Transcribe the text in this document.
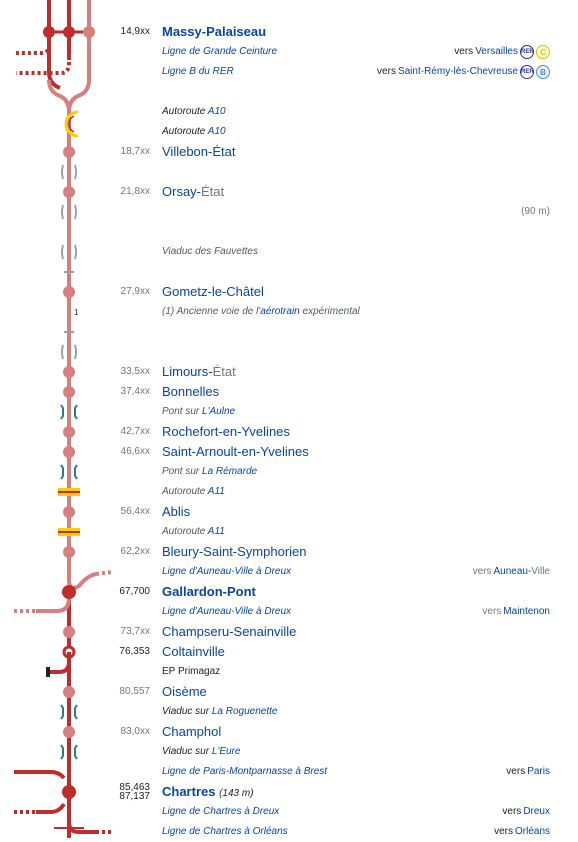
1
14,9xx Massy-Palaiseau
Ligne de Grande Ceinture	vers Versailles RER C
Ligne B du RER	vers Saint-Rémy-lès-Chevreuse RER B
Autoroute A10
Autoroute A10
18,7xx Villebon-État
21,8xx Orsay-État
(90 m)
Viaduc des Fauvettes
27,9xx Gometz-le-Châtel
(1) Ancienne voie de l'aérotrain expérimental
33,5xx Limours-État
37,4xx Bonnelles
Pont sur L'Aulne
42,7xx Rochefort-en-Yvelines
46,6xx Saint-Arnoult-en-Yvelines
Pont sur La Rémarde
Autoroute A11
56,4xx Ablis
Autoroute A11
62,2xx Bleury-Saint-Symphorien
Ligne d'Auneau-Ville à Dreux	vers Auneau-Ville
67,700 Gallardon-Pont
Ligne d'Auneau-Ville à Dreux	vers Maintenon
73,7xx Champseru-Senainville
76,353 Coltainville
EP Primagaz
80,557 Oisème
Viaduc sur La Roguenette
83,0xx Champhol
Viaduc sur L'Eure
Ligne de Paris-Montparnasse à Brest	vers Paris
85,463
87,137 Chartres (143 m)
Ligne de Chartres à Dreux	vers Dreux
Ligne de Chartres à Orléans	vers Orléans
